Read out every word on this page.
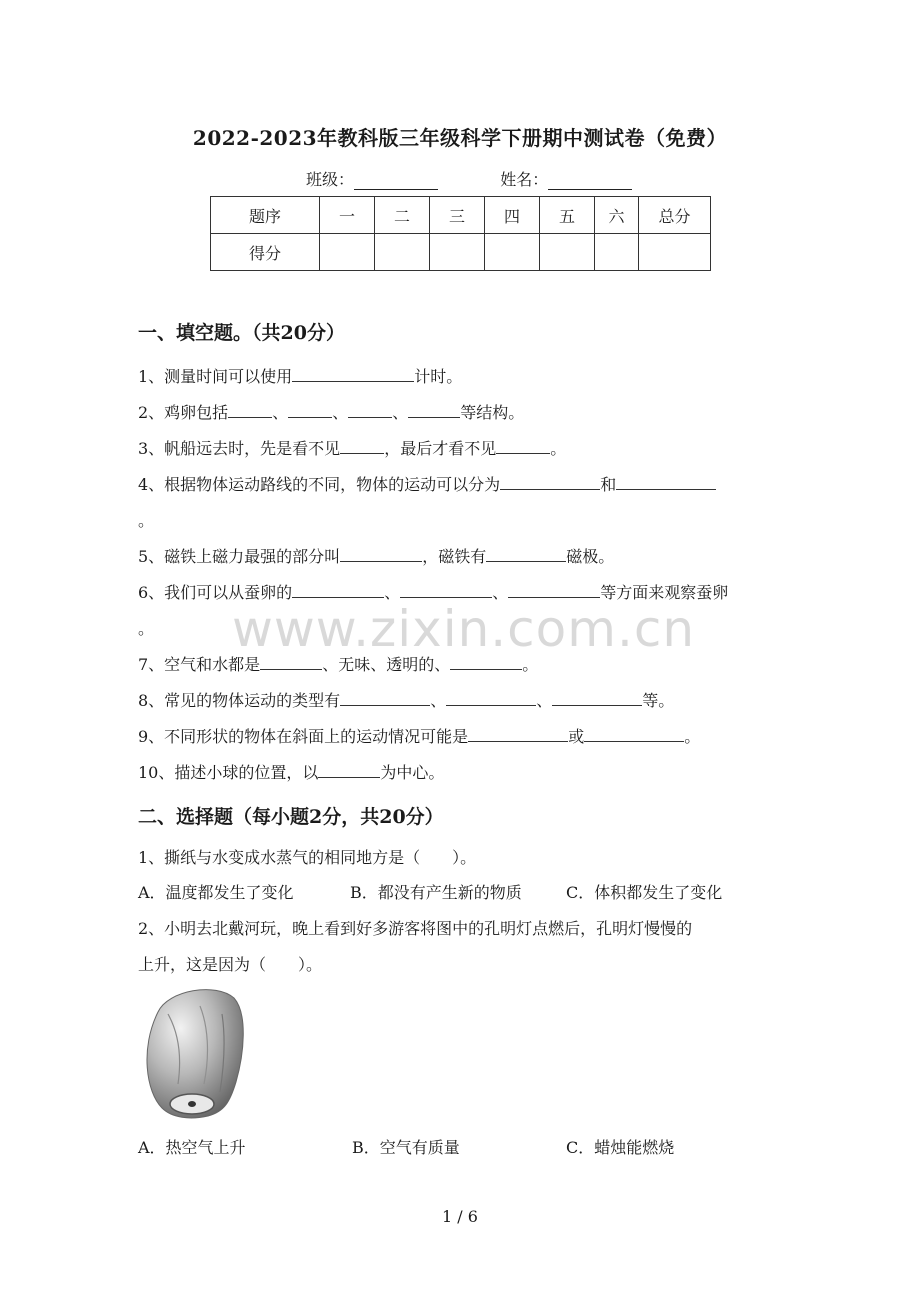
2022-2023年教科版三年级科学下册期中测试卷（免费）
班级：	姓名：
题序	一	二	三	四	五	六	总分
得分							
一、填空题。（共20分）
1、测量时间可以使用	计时。
2、鸡卵包括	、	、	、	等结构。
3、帆船远去时，先是看不见	，最后才看不见	。
4、根据物体运动路线的不同，物体的运动可以分为	和
。
5、磁铁上磁力最强的部分叫	，磁铁有	磁极。
6、我们可以从蚕卵的	、	、	等方面来观察蚕卵
。 www.zixin.com.cn
7、空气和水都是	、无味、透明的、	。
8、常见的物体运动的类型有	、	、	等。
9、不同形状的物体在斜面上的运动情况可能是	或	。
10、描述小球的位置，以	为中心。
二、选择题（每小题2分，共20分）
1、撕纸与水变成水蒸气的相同地方是（　　）。
A．温度都发生了变化	B．都没有产生新的物质	C．体积都发生了变化
2、小明去北戴河玩，晚上看到好多游客将图中的孔明灯点燃后，孔明灯慢慢的
上升，这是因为（　　）。
A．热空气上升	B．空气有质量	C．蜡烛能燃烧
1 / 6
